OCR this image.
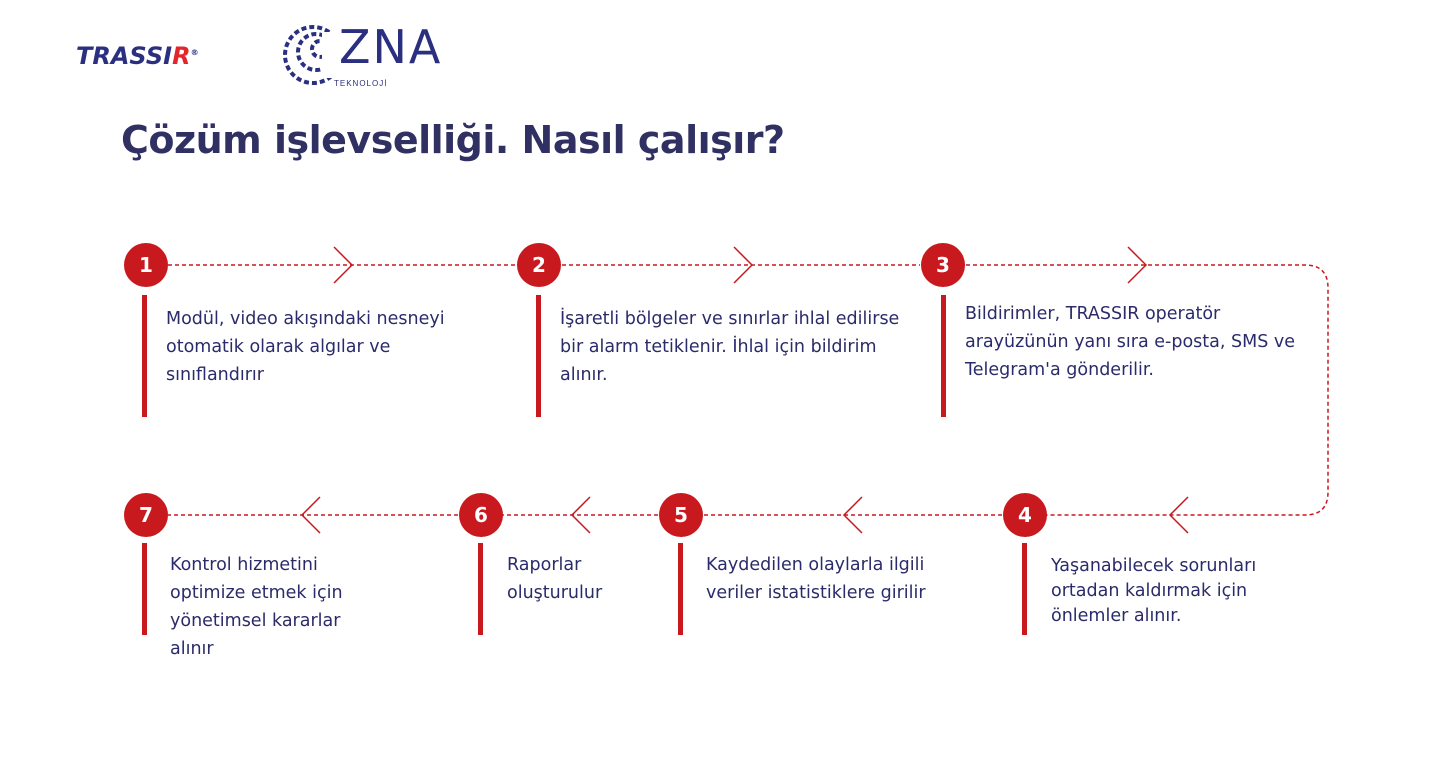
TRASSIR®	ZNA
TEKNOLOJİ
Çözüm işlevselliği. Nasıl çalışır?
1

Modül, video akışındaki nesneyi otomatik olarak algılar ve sınıflandırır

2

İşaretli bölgeler ve sınırlar ihlal edilirse bir alarm tetiklenir. İhlal için bildirim alınır.

3

Bildirimler, TRASSIR operatör arayüzünün yanı sıra e-posta, SMS ve Telegram'a gönderilir.

4

Yaşanabilecek sorunları ortadan kaldırmak için önlemler alınır.

5

Kaydedilen olaylarla ilgili veriler istatistiklere girilir

6

Raporlar oluşturulur

7

Kontrol hizmetini optimize etmek için yönetimsel kararlar alınır
